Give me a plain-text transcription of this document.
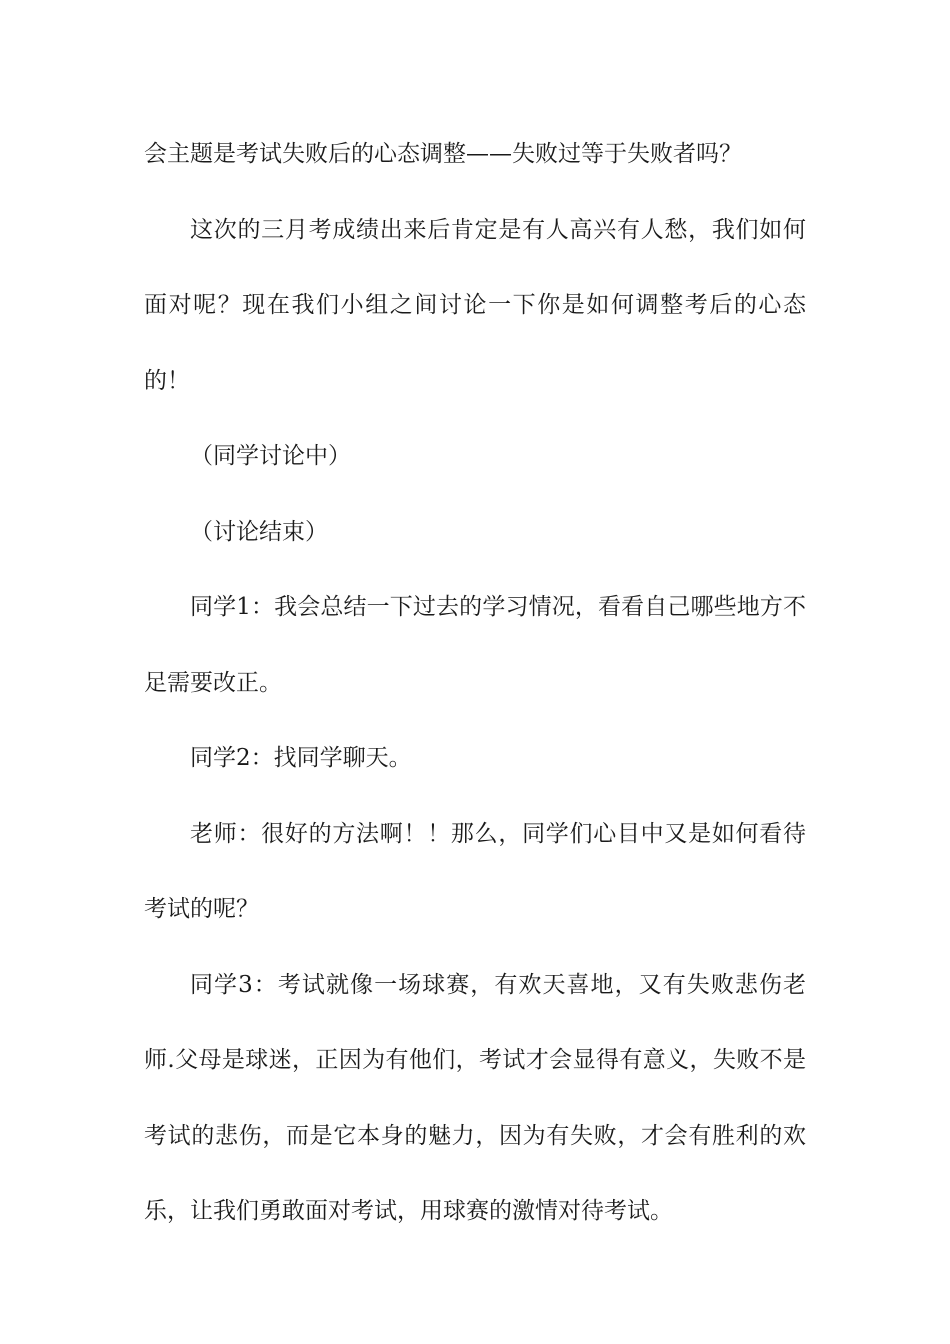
会主题是考试失败后的心态调整——失败过等于失败者吗？

这次的三月考成绩出来后肯定是有人高兴有人愁，我们如何面对呢？现在我们小组之间讨论一下你是如何调整考后的心态的！

（同学讨论中）

（讨论结束）

同学1：我会总结一下过去的学习情况，看看自己哪些地方不足需要改正。

同学2：找同学聊天。

老师：很好的方法啊！！那么，同学们心目中又是如何看待考试的呢？

同学3：考试就像一场球赛，有欢天喜地，又有失败悲伤老师.父母是球迷，正因为有他们，考试才会显得有意义，失败不是考试的悲伤，而是它本身的魅力，因为有失败，才会有胜利的欢乐，让我们勇敢面对考试，用球赛的激情对待考试。
